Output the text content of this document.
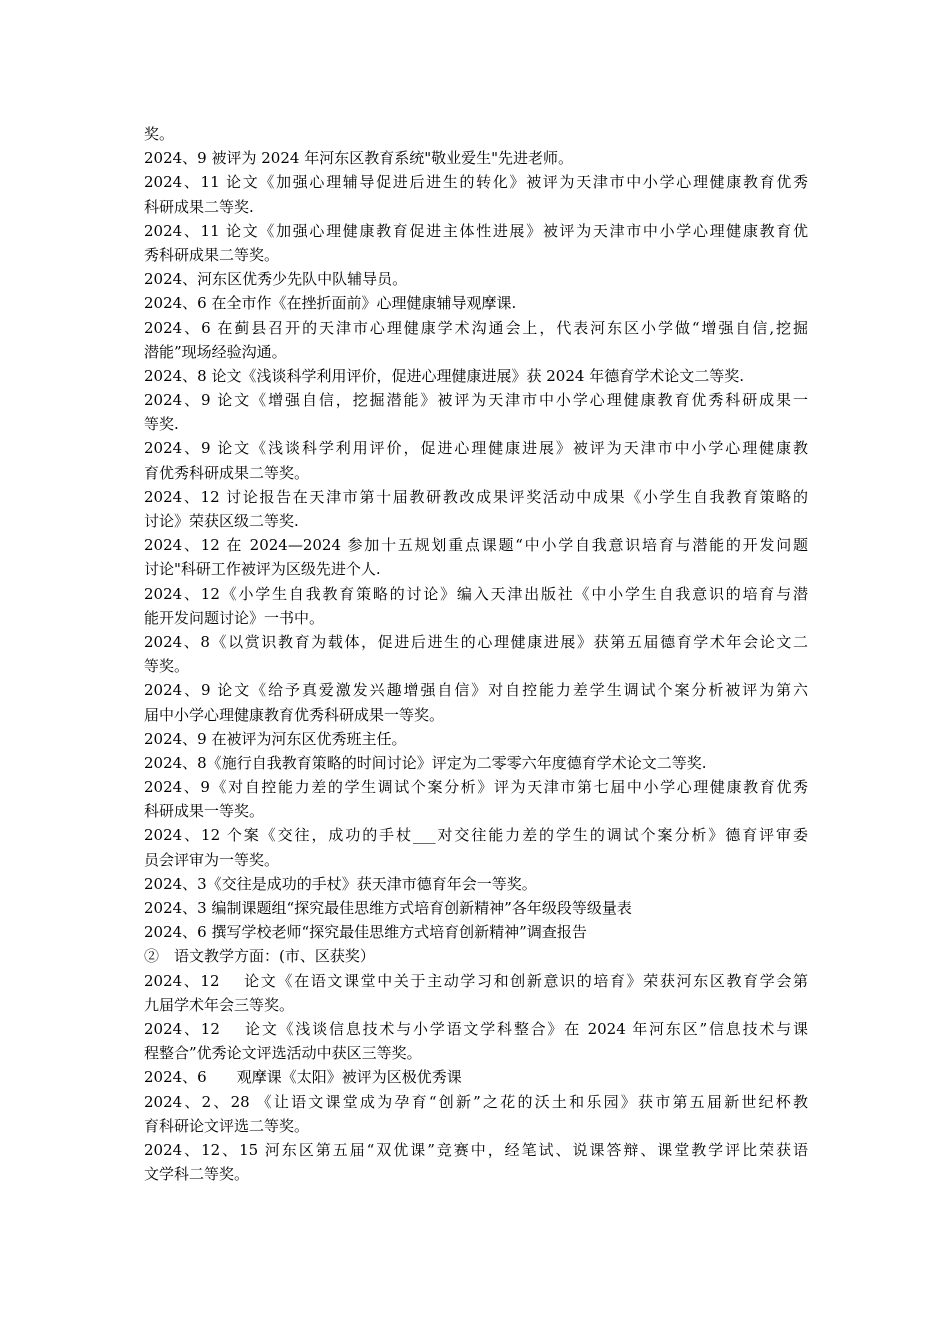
奖。
2024、9 被评为 2024 年河东区教育系统"敬业爱生"先进老师。
2024、11 论文《加强心理辅导促进后进生的转化》被评为天津市中小学心理健康教育优秀
科研成果二等奖.
2024、11 论文《加强心理健康教育促进主体性进展》被评为天津市中小学心理健康教育优
秀科研成果二等奖。
2024、河东区优秀少先队中队辅导员。
2024、6 在全市作《在挫折面前》心理健康辅导观摩课.
2024、6 在蓟县召开的天津市心理健康学术沟通会上，代表河东区小学做“增强自信,挖掘
潜能”现场经验沟通。
2024、8 论文《浅谈科学利用评价，促进心理健康进展》获 2024 年德育学术论文二等奖.
2024、9 论文《增强自信，挖掘潜能》被评为天津市中小学心理健康教育优秀科研成果一
等奖.
2024、9 论文《浅谈科学利用评价，促进心理健康进展》被评为天津市中小学心理健康教
育优秀科研成果二等奖。
2024、12 讨论报告在天津市第十届教研教改成果评奖活动中成果《小学生自我教育策略的
讨论》荣获区级二等奖.
2024、12 在 2024—2024 参加十五规划重点课题“中小学自我意识培育与潜能的开发问题
讨论"科研工作被评为区级先进个人.
2024、12《小学生自我教育策略的讨论》编入天津出版社《中小学生自我意识的培育与潜
能开发问题讨论》一书中。
2024、8《以赏识教育为载体，促进后进生的心理健康进展》获第五届德育学术年会论文二
等奖。
2024、9 论文《给予真爱激发兴趣增强自信》对自控能力差学生调试个案分析被评为第六
届中小学心理健康教育优秀科研成果一等奖。
2024、9 在被评为河东区优秀班主任。
2024、8《施行自我教育策略的时间讨论》评定为二零零六年度德育学术论文二等奖.
2024、9《对自控能力差的学生调试个案分析》评为天津市第七届中小学心理健康教育优秀
科研成果一等奖。
2024、12 个案《交往，成功的手杖___对交往能力差的学生的调试个案分析》德育评审委
员会评审为一等奖。
2024、3《交往是成功的手杖》获天津市德育年会一等奖。
2024、3 编制课题组“探究最佳思维方式培育创新精神”各年级段等级量表
2024、6 撰写学校老师“探究最佳思维方式培育创新精神”调查报告
②　语文教学方面：(市、区获奖）
2024、12　 论文《在语文课堂中关于主动学习和创新意识的培育》荣获河东区教育学会第
九届学术年会三等奖。
2024、12　 论文《浅谈信息技术与小学语文学科整合》在 2024 年河东区”信息技术与课
程整合”优秀论文评选活动中获区三等奖。
2024、6　　观摩课《太阳》被评为区极优秀课
2024、2、28 《让语文课堂成为孕育“创新”之花的沃土和乐园》获市第五届新世纪杯教
育科研论文评选二等奖。
2024、12、15 河东区第五届“双优课”竞赛中，经笔试、说课答辩、课堂教学评比荣获语
文学科二等奖。
